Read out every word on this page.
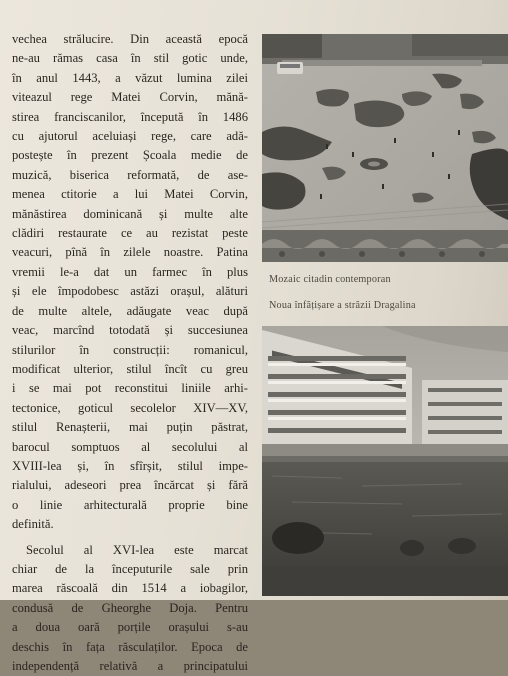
vechea strălucire. Din această epocă
ne-au rămas casa în stil gotic unde,
în anul 1443, a văzut lumina zilei
viteazul rege Matei Corvin, mănă-
stirea franciscanilor, începută în 1486
cu ajutorul aceluiași rege, care adă-
postește în prezent Școala medie de
muzică, biserica reformată, de ase-
menea ctitorie a lui Matei Corvin,
mănăstirea dominicană și multe alte
clădiri restaurate ce au rezistat peste
veacuri, pînă în zilele noastre. Patina
vremii le-a dat un farmec în plus
și ele împodobesc astăzi orașul, alături
de multe altele, adăugate veac după
veac, marcînd totodată și succesiunea
stilurilor în construcții: romanicul,
modificat ulterior, stilul încît cu greu
i se mai pot reconstitui liniile arhi-
tectonice, goticul secolelor XIV—XV,
stilul Renașterii, mai puțin păstrat,
barocul somptuos al secolului al
XVIII-lea și, în sfîrșit, stilul impe-
rialului, adeseori prea încărcat și fără
o linie arhitecturală proprie bine
definită.
Secolul al XVI-lea este marcat
chiar de la începuturile sale prin
marea răscoală din 1514 a iobagilor,
condusă de Gheorghe Doja. Pentru
a doua oară porțile orașului s-au
deschis în fața răsculaților. Epoca de
independență relativă a principatului
Mozaic citadin contemporan
Noua înfățișare a străzii Dragalina
